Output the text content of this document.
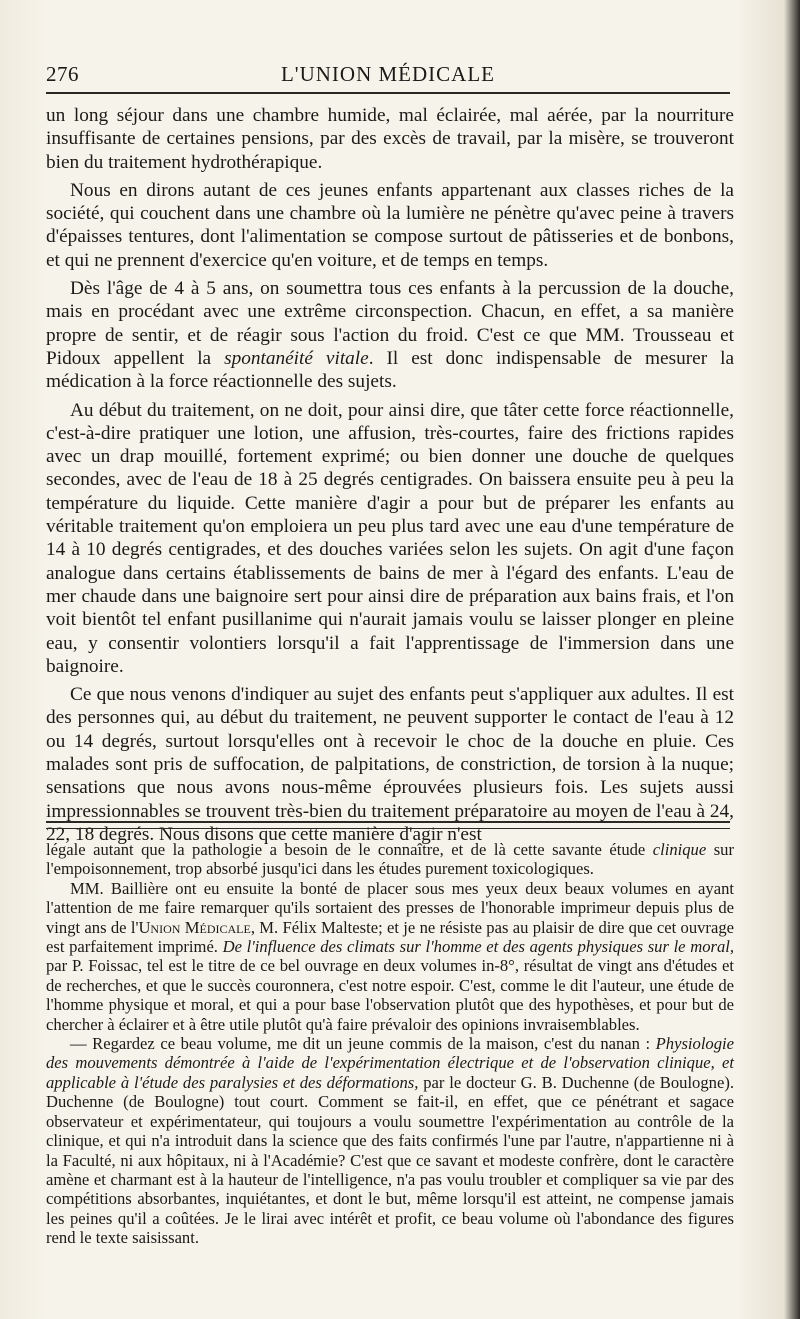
276	L'UNION MÉDICALE

un long séjour dans une chambre humide, mal éclairée, mal aérée, par la nourriture insuffisante de certaines pensions, par des excès de travail, par la misère, se trouveront bien du traitement hydrothérapique.

Nous en dirons autant de ces jeunes enfants appartenant aux classes riches de la société, qui couchent dans une chambre où la lumière ne pénètre qu'avec peine à travers d'épaisses tentures, dont l'alimentation se compose surtout de pâtisseries et de bonbons, et qui ne prennent d'exercice qu'en voiture, et de temps en temps.

Dès l'âge de 4 à 5 ans, on soumettra tous ces enfants à la percussion de la douche, mais en procédant avec une extrême circonspection. Chacun, en effet, a sa manière propre de sentir, et de réagir sous l'action du froid. C'est ce que MM. Trousseau et Pidoux appellent la spontanéité vitale. Il est donc indispensable de mesurer la médication à la force réactionnelle des sujets.

Au début du traitement, on ne doit, pour ainsi dire, que tâter cette force réactionnelle, c'est-à-dire pratiquer une lotion, une affusion, très-courtes, faire des frictions rapides avec un drap mouillé, fortement exprimé; ou bien donner une douche de quelques secondes, avec de l'eau de 18 à 25 degrés centigrades. On baissera ensuite peu à peu la température du liquide. Cette manière d'agir a pour but de préparer les enfants au véritable traitement qu'on emploiera un peu plus tard avec une eau d'une température de 14 à 10 degrés centigrades, et des douches variées selon les sujets. On agit d'une façon analogue dans certains établissements de bains de mer à l'égard des enfants. L'eau de mer chaude dans une baignoire sert pour ainsi dire de préparation aux bains frais, et l'on voit bientôt tel enfant pusillanime qui n'aurait jamais voulu se laisser plonger en pleine eau, y consentir volontiers lorsqu'il a fait l'apprentissage de l'immersion dans une baignoire.

Ce que nous venons d'indiquer au sujet des enfants peut s'appliquer aux adultes. Il est des personnes qui, au début du traitement, ne peuvent supporter le contact de l'eau à 12 ou 14 degrés, surtout lorsqu'elles ont à recevoir le choc de la douche en pluie. Ces malades sont pris de suffocation, de palpitations, de constriction, de torsion à la nuque; sensations que nous avons nous-même éprouvées plusieurs fois. Les sujets aussi impressionnables se trouvent très-bien du traitement préparatoire au moyen de l'eau à 24, 22, 18 degrés. Nous disons que cette manière d'agir n'est

légale autant que la pathologie a besoin de le connaître, et de là cette savante étude clinique sur l'empoisonnement, trop absorbé jusqu'ici dans les études purement toxicologiques.

MM. Baillière ont eu ensuite la bonté de placer sous mes yeux deux beaux volumes en ayant l'attention de me faire remarquer qu'ils sortaient des presses de l'honorable imprimeur depuis plus de vingt ans de l'Union Médicale, M. Félix Malteste; et je ne résiste pas au plaisir de dire que cet ouvrage est parfaitement imprimé. De l'influence des climats sur l'homme et des agents physiques sur le moral, par P. Foissac, tel est le titre de ce bel ouvrage en deux volumes in-8°, résultat de vingt ans d'études et de recherches, et que le succès couronnera, c'est notre espoir. C'est, comme le dit l'auteur, une étude de l'homme physique et moral, et qui a pour base l'observation plutôt que des hypothèses, et pour but de chercher à éclairer et à être utile plutôt qu'à faire prévaloir des opinions invraisemblables.

— Regardez ce beau volume, me dit un jeune commis de la maison, c'est du nanan : Physiologie des mouvements démontrée à l'aide de l'expérimentation électrique et de l'observation clinique, et applicable à l'étude des paralysies et des déformations, par le docteur G. B. Duchenne (de Boulogne). Duchenne (de Boulogne) tout court. Comment se fait-il, en effet, que ce pénétrant et sagace observateur et expérimentateur, qui toujours a voulu soumettre l'expérimentation au contrôle de la clinique, et qui n'a introduit dans la science que des faits confirmés l'une par l'autre, n'appartienne ni à la Faculté, ni aux hôpitaux, ni à l'Académie? C'est que ce savant et modeste confrère, dont le caractère amène et charmant est à la hauteur de l'intelligence, n'a pas voulu troubler et compliquer sa vie par des compétitions absorbantes, inquiétantes, et dont le but, même lorsqu'il est atteint, ne compense jamais les peines qu'il a coûtées. Je le lirai avec intérêt et profit, ce beau volume où l'abondance des figures rend le texte saisissant.
